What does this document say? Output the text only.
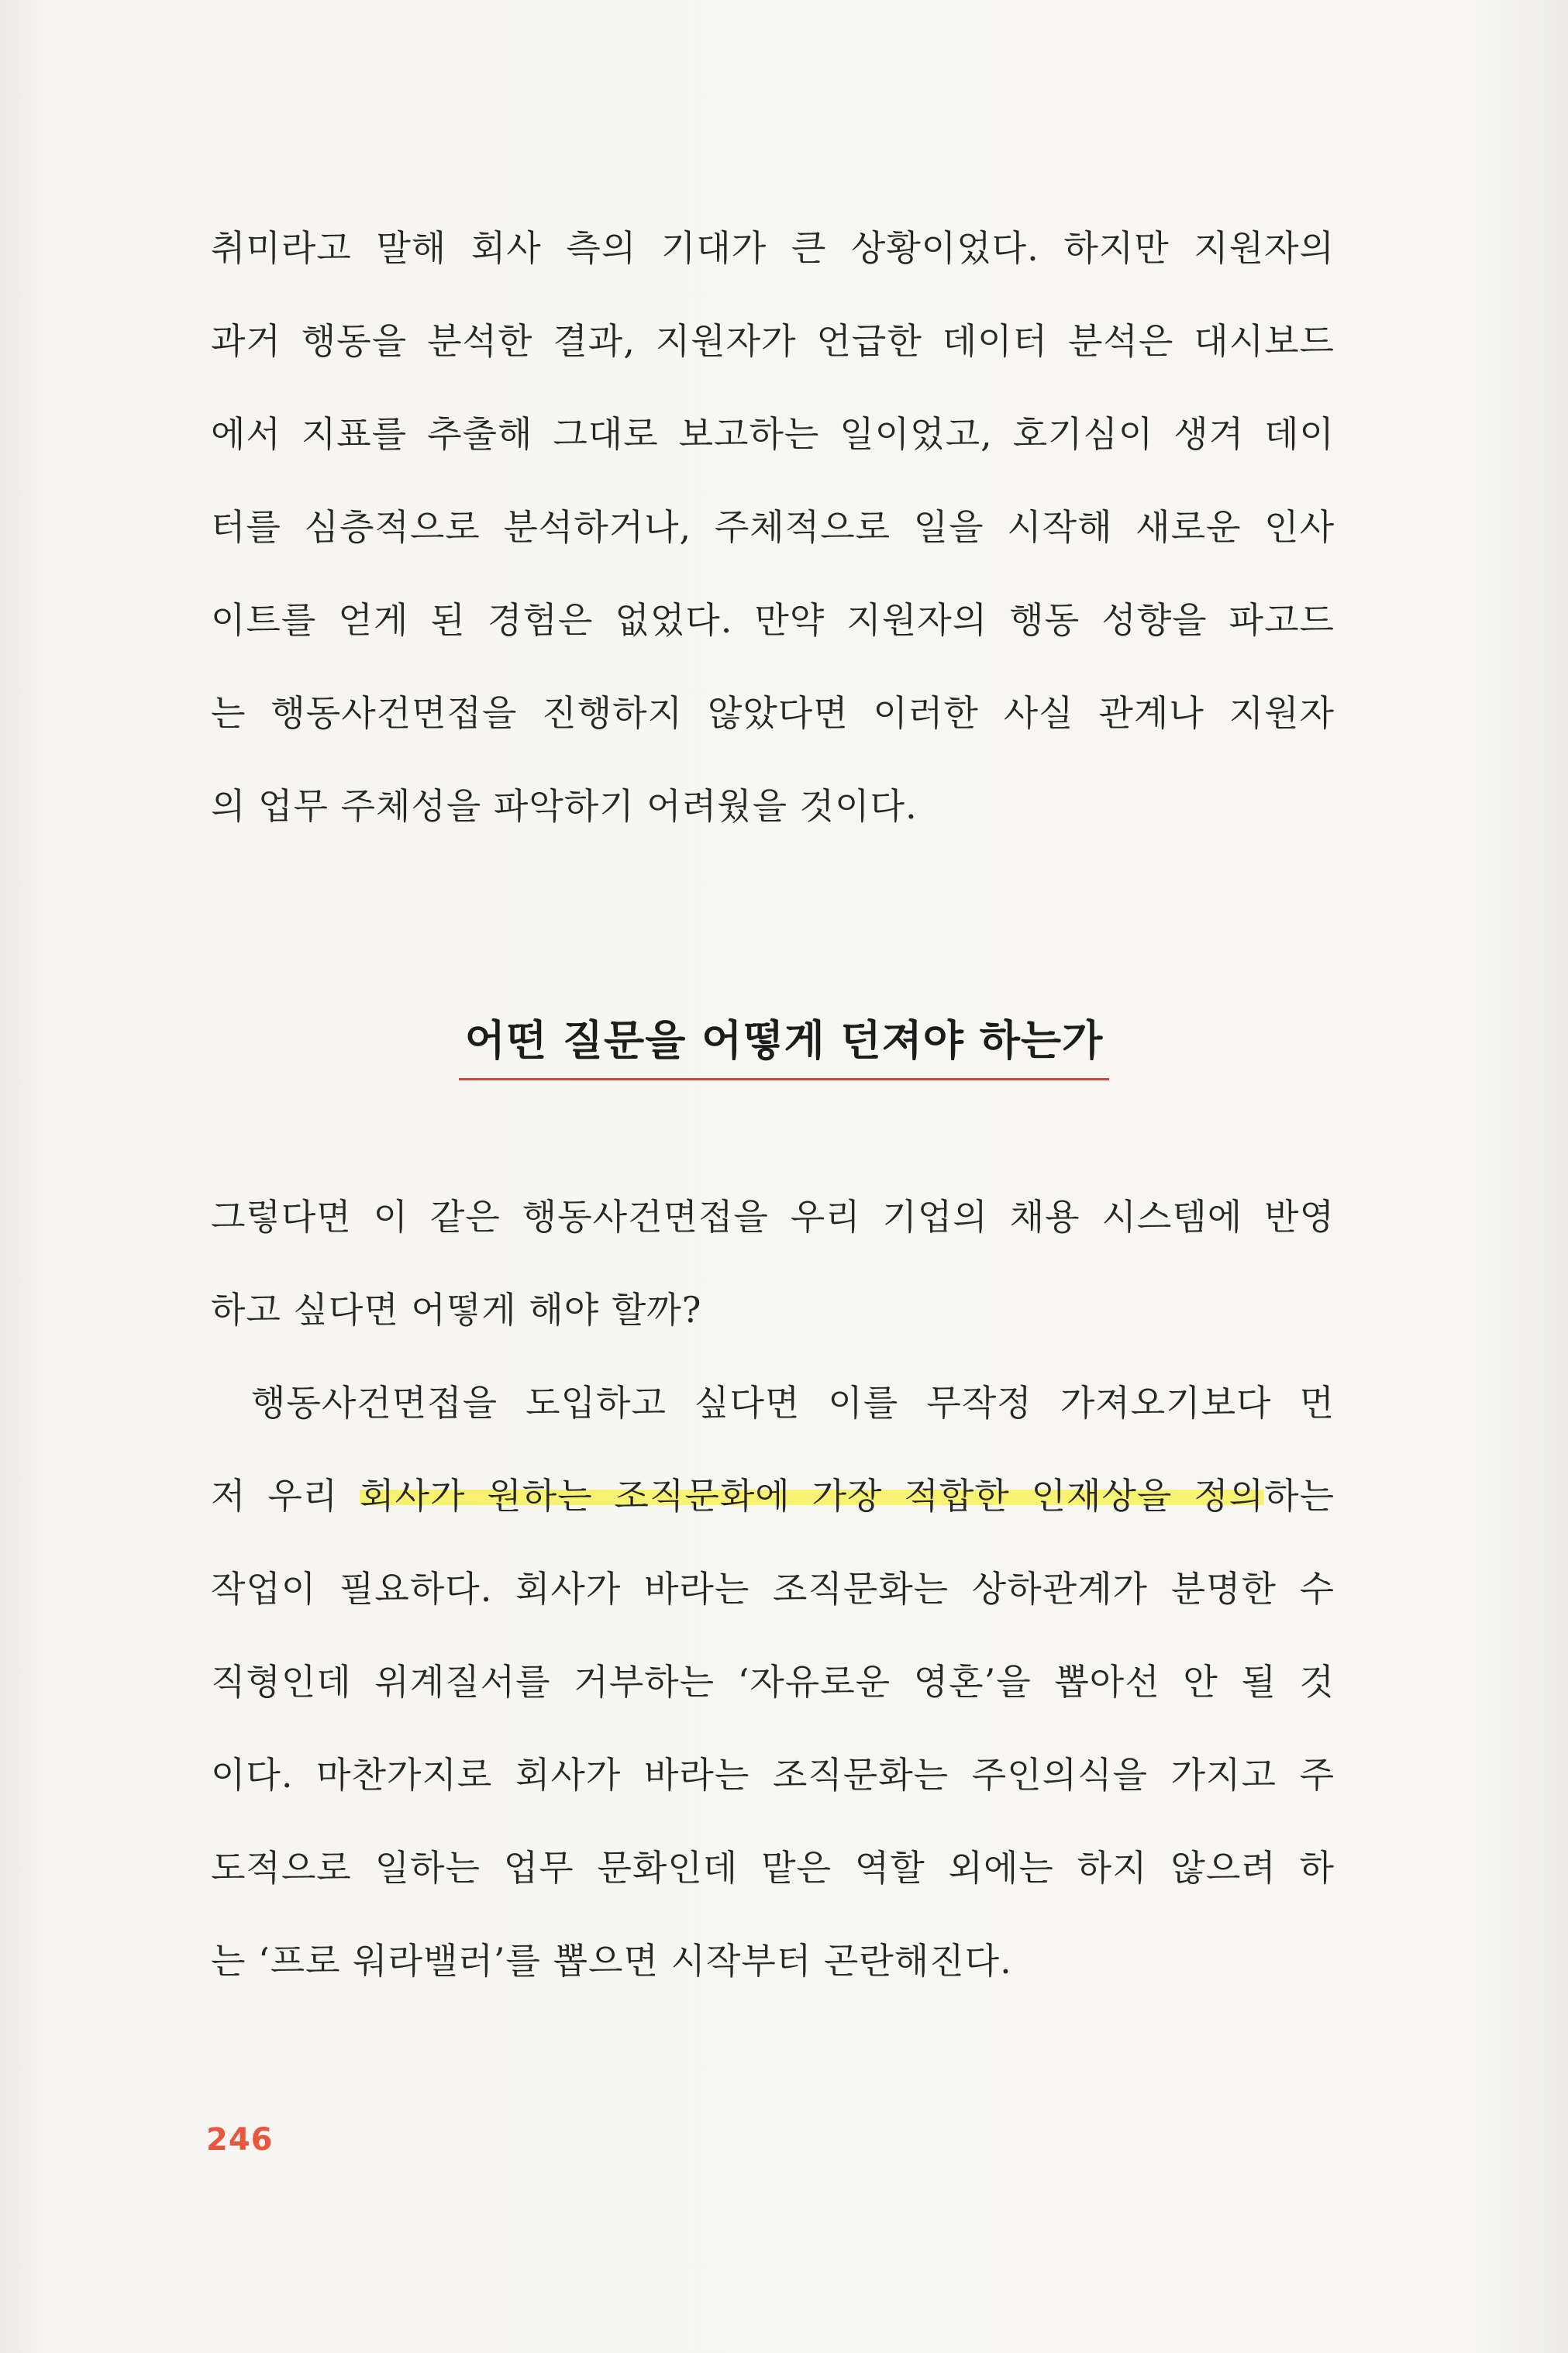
취미라고 말해 회사 측의 기대가 큰 상황이었다. 하지만 지원자의
과거 행동을 분석한 결과, 지원자가 언급한 데이터 분석은 대시보드
에서 지표를 추출해 그대로 보고하는 일이었고, 호기심이 생겨 데이
터를 심층적으로 분석하거나, 주체적으로 일을 시작해 새로운 인사
이트를 얻게 된 경험은 없었다. 만약 지원자의 행동 성향을 파고드
는 행동사건면접을 진행하지 않았다면 이러한 사실 관계나 지원자
의 업무 주체성을 파악하기 어려웠을 것이다.
어떤 질문을 어떻게 던져야 하는가
그렇다면 이 같은 행동사건면접을 우리 기업의 채용 시스템에 반영
하고 싶다면 어떻게 해야 할까?
행동사건면접을 도입하고 싶다면 이를 무작정 가져오기보다 먼
저 우리 회사가 원하는 조직문화에 가장 적합한 인재상을 정의하는
작업이 필요하다. 회사가 바라는 조직문화는 상하관계가 분명한 수
직형인데 위계질서를 거부하는 ‘자유로운 영혼’을 뽑아선 안 될 것
이다. 마찬가지로 회사가 바라는 조직문화는 주인의식을 가지고 주
도적으로 일하는 업무 문화인데 맡은 역할 외에는 하지 않으려 하
는 ‘프로 워라밸러’를 뽑으면 시작부터 곤란해진다.
246
